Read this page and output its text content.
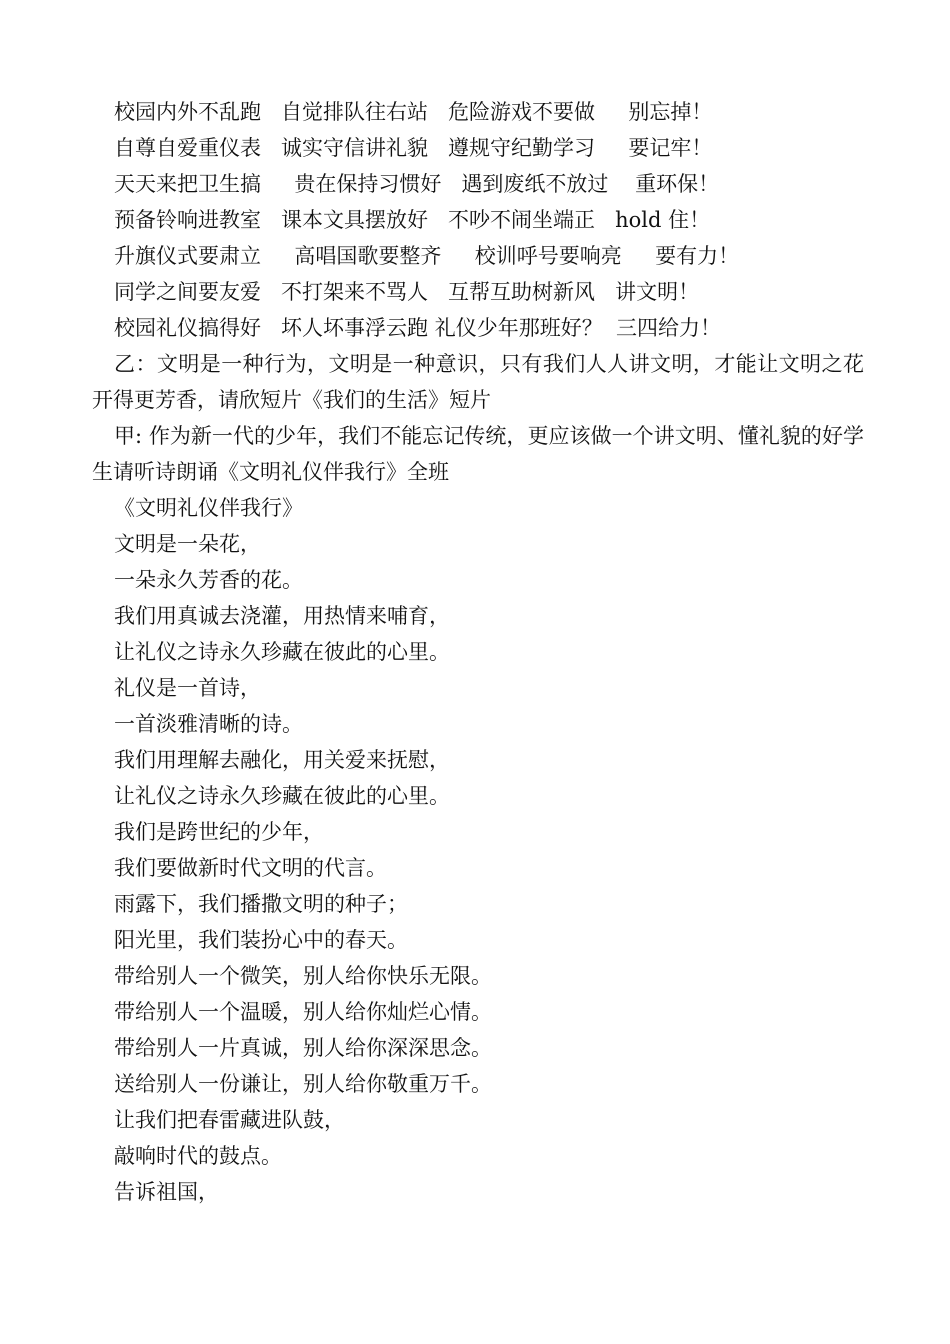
校园内外不乱跑   自觉排队往右站   危险游戏不要做     别忘掉！
自尊自爱重仪表   诚实守信讲礼貌   遵规守纪勤学习     要记牢！
天天来把卫生搞     贵在保持习惯好   遇到废纸不放过    重环保！
预备铃响进教室   课本文具摆放好   不吵不闹坐端正   hold 住！
升旗仪式要肃立     高唱国歌要整齐     校训呼号要响亮     要有力！
同学之间要友爱   不打架来不骂人   互帮互助树新风   讲文明！
校园礼仪搞得好   坏人坏事浮云跑 礼仪少年那班好？  三四给力！
乙：文明是一种行为，文明是一种意识，只有我们人人讲文明，才能让文明之花开得更芳香，请欣短片《我们的生活》短片
甲: 作为新一代的少年，我们不能忘记传统，更应该做一个讲文明、懂礼貌的好学生请听诗朗诵《文明礼仪伴我行》全班
《文明礼仪伴我行》
文明是一朵花，
一朵永久芳香的花。
我们用真诚去浇灌，用热情来哺育，
让礼仪之诗永久珍藏在彼此的心里。
礼仪是一首诗，
一首淡雅清晰的诗。
我们用理解去融化，用关爱来抚慰，
让礼仪之诗永久珍藏在彼此的心里。
我们是跨世纪的少年，
我们要做新时代文明的代言。
雨露下，我们播撒文明的种子；
阳光里，我们装扮心中的春天。
带给别人一个微笑，别人给你快乐无限。
带给别人一个温暖，别人给你灿烂心情。
带给别人一片真诚，别人给你深深思念。
送给别人一份谦让，别人给你敬重万千。
让我们把春雷藏进队鼓，
敲响时代的鼓点。
告诉祖国，
